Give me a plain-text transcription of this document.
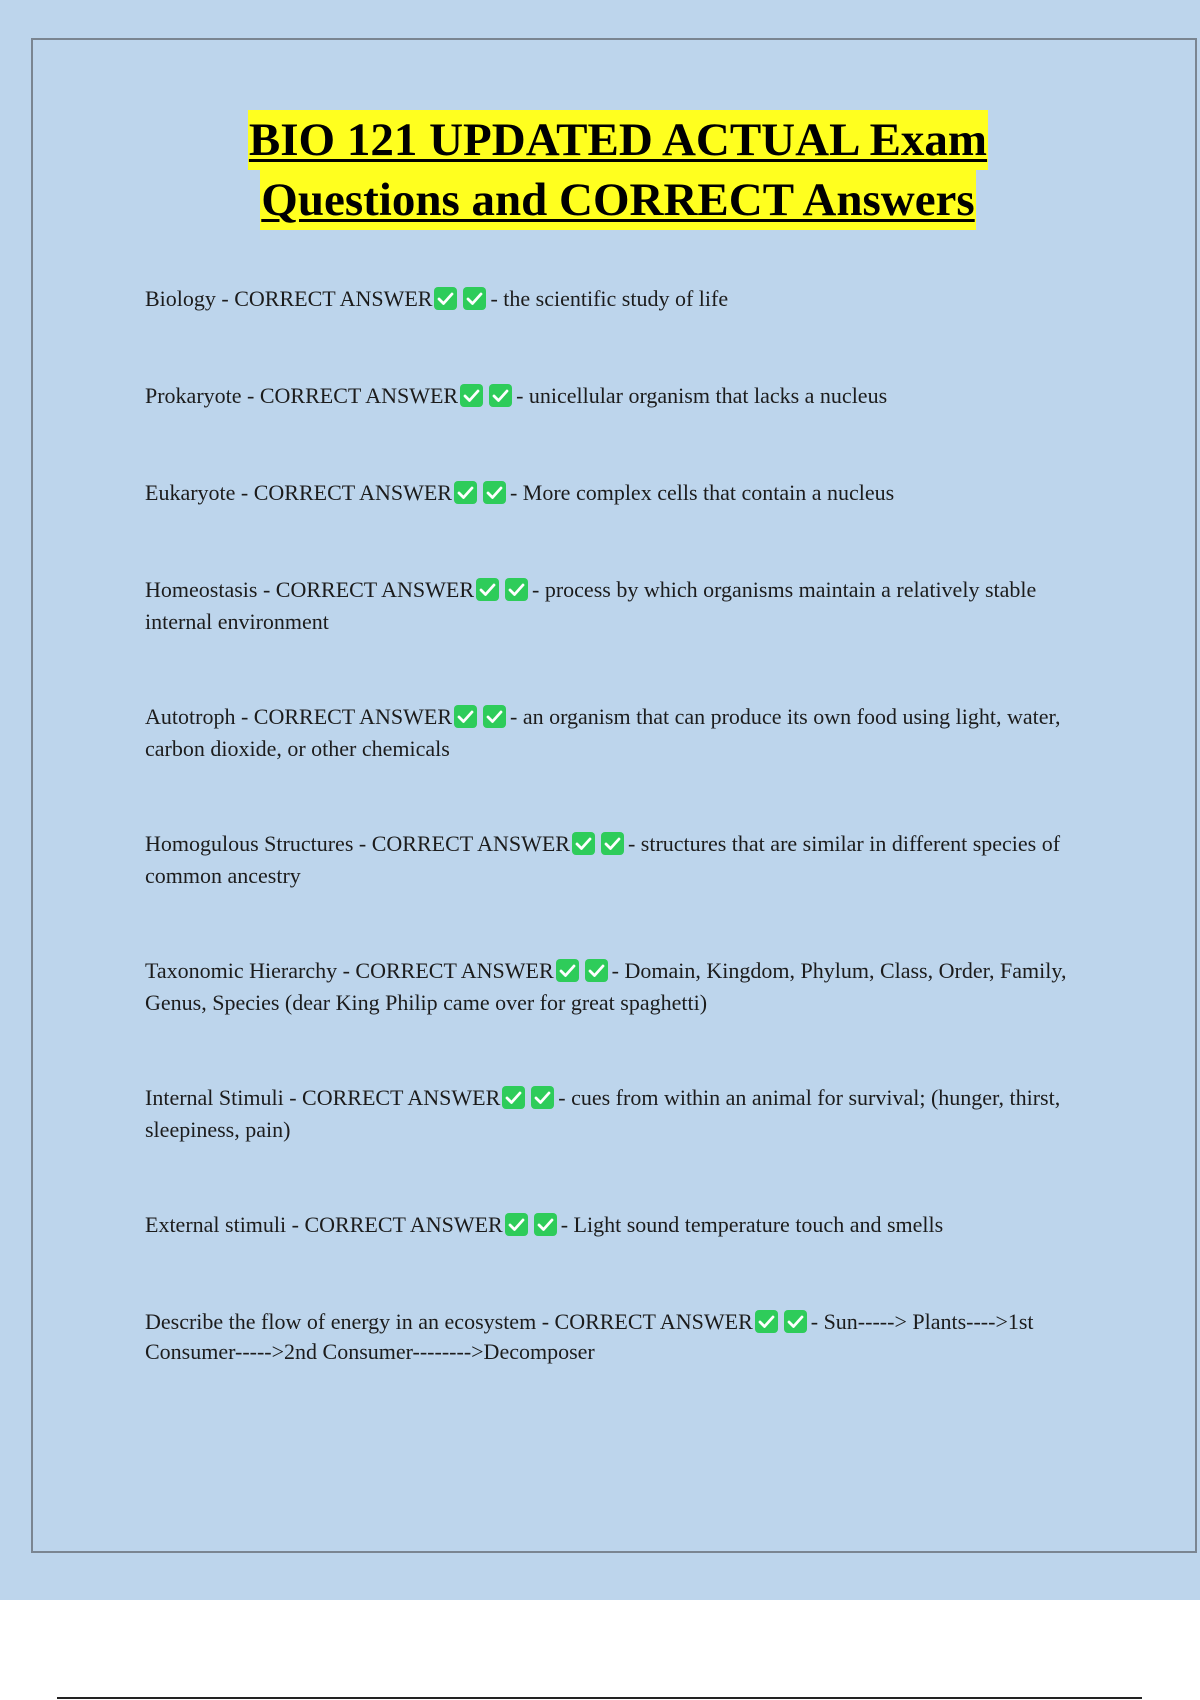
BIO 121 UPDATED ACTUAL Exam
Questions and CORRECT Answers
Biology - CORRECT ANSWER	- the scientific study of life
Prokaryote - CORRECT ANSWER	- unicellular organism that lacks a nucleus
Eukaryote - CORRECT ANSWER	- More complex cells that contain a nucleus
Homeostasis - CORRECT ANSWER	- process by which organisms maintain a relatively stable internal environment
Autotroph - CORRECT ANSWER	- an organism that can produce its own food using light, water, carbon dioxide, or other chemicals
Homogulous Structures - CORRECT ANSWER	- structures that are similar in different species of common ancestry
Taxonomic Hierarchy - CORRECT ANSWER	- Domain, Kingdom, Phylum, Class, Order, Family, Genus, Species (dear King Philip came over for great spaghetti)
Internal Stimuli - CORRECT ANSWER	- cues from within an animal for survival; (hunger, thirst, sleepiness, pain)
External stimuli - CORRECT ANSWER	- Light sound temperature touch and smells
Describe the flow of energy in an ecosystem - CORRECT ANSWER	- Sun-----> Plants---->1st Consumer----->2nd Consumer-------->Decomposer
